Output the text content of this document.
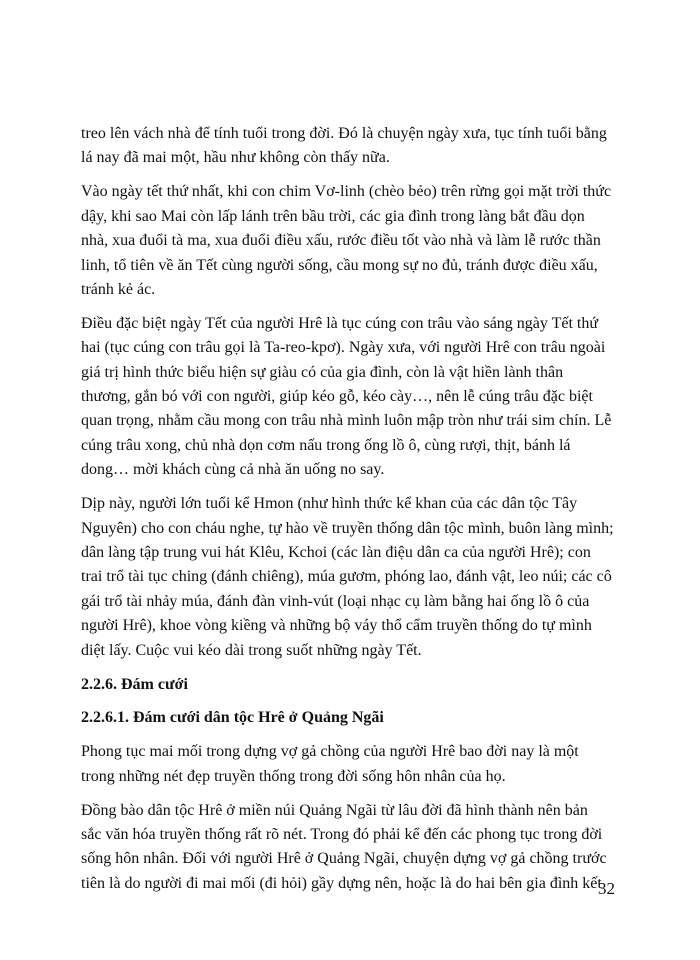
treo lên vách nhà để tính tuổi trong đời. Đó là chuyện ngày xưa, tục tính tuổi bằng
lá nay đã mai một, hầu như không còn thấy nữa.
Vào ngày tết thứ nhất, khi con chim Vơ-linh (chèo bẻo) trên rừng gọi mặt trời thức
dậy, khi sao Mai còn lấp lánh trên bầu trời, các gia đình trong làng bắt đầu dọn
nhà, xua đuổi tà ma, xua đuổi điều xấu, rước điều tốt vào nhà và làm lễ rước thần
linh, tổ tiên về ăn Tết cùng người sống, cầu mong sự no đủ, tránh được điều xấu,
tránh kẻ ác.
Điều đặc biệt ngày Tết của người Hrê là tục cúng con trâu vào sáng ngày Tết thứ
hai (tục cúng con trâu gọi là Ta-reo-kpơ). Ngày xưa, với người Hrê con trâu ngoài
giá trị hình thức biểu hiện sự giàu có của gia đình, còn là vật hiền lành thân
thương, gắn bó với con người, giúp kéo gỗ, kéo cày…, nên lễ cúng trâu đặc biệt
quan trọng, nhằm cầu mong con trâu nhà mình luôn mập tròn như trái sim chín. Lễ
cúng trâu xong, chủ nhà dọn cơm nấu trong ống lồ ô, cùng rượi, thịt, bánh lá
dong… mời khách cùng cả nhà ăn uống no say.
Dịp này, người lớn tuổi kể Hmon (như hình thức kể khan của các dân tộc Tây
Nguyên) cho con cháu nghe, tự hào về truyền thống dân tộc mình, buôn làng mình;
dân làng tập trung vui hát Klêu, Kchoi (các làn điệu dân ca của người Hrê); con
trai trổ tài tục ching (đánh chiêng), múa gươm, phóng lao, đánh vật, leo núi; các cô
gái trổ tài nhảy múa, đánh đàn vinh-vút (loại nhạc cụ làm bằng hai ống lồ ô của
người Hrê), khoe vòng kiềng và những bộ váy thổ cẩm truyền thống do tự mình
diệt lấy. Cuộc vui kéo dài trong suốt những ngày Tết.
2.2.6. Đám cưới
2.2.6.1. Đám cưới dân tộc Hrê ở Quảng Ngãi
Phong tục mai mối trong dựng vợ gả chồng của người Hrê bao đời nay là một
trong những nét đẹp truyền thống trong đời sống hôn nhân của họ.
Đồng bào dân tộc Hrê ở miền núi Quảng Ngãi từ lâu đời đã hình thành nên bản
sắc văn hóa truyền thống rất rõ nét. Trong đó phải kể đến các phong tục trong đời
sống hôn nhân. Đối với người Hrê ở Quảng Ngãi, chuyện dựng vợ gả chồng trước
tiên là do người đi mai mối (đi hỏi) gầy dựng nên, hoặc là do hai bên gia đình kết
32
